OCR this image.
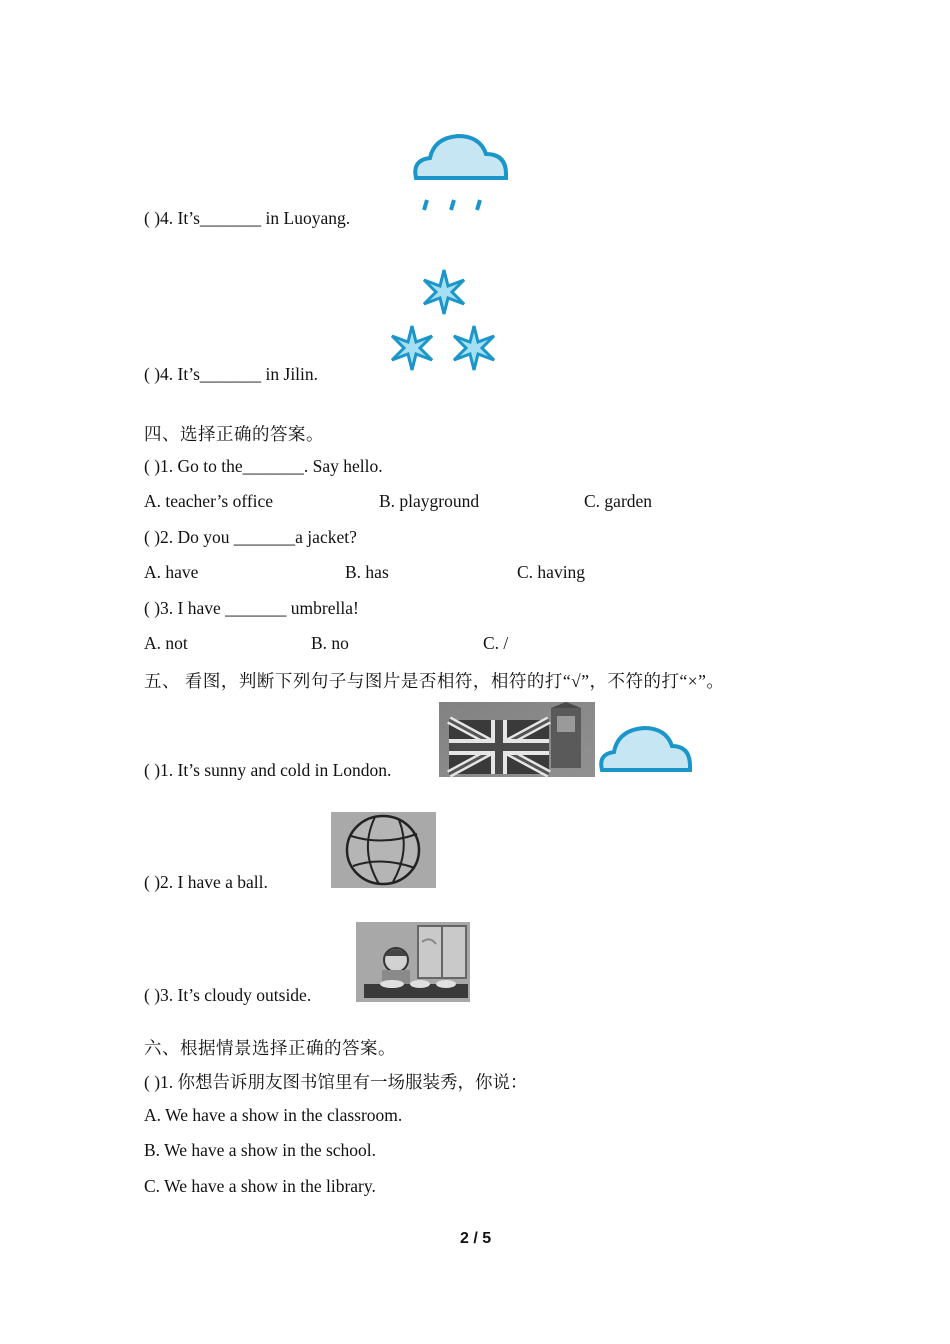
( )4. It’s_______ in Luoyang.
( )4. It’s_______ in Jilin.
四、选择正确的答案。
( )1. Go to the_______. Say hello.
A. teacher’s office	B. playground	C. garden
( )2. Do you _______a jacket?
A. have	B. has	C. having
( )3. I have _______ umbrella!
A. not	B. no	C. /
五、 看图，判断下列句子与图片是否相符，相符的打“√”，不符的打“×”。
( )1. It’s sunny and cold in London.
( )2. I have a ball.
( )3. It’s cloudy outside.
六、根据情景选择正确的答案。
( )1. 你想告诉朋友图书馆里有一场服装秀，你说：
A. We have a show in the classroom.
B. We have a show in the school.
C. We have a show in the library.
2 / 5
